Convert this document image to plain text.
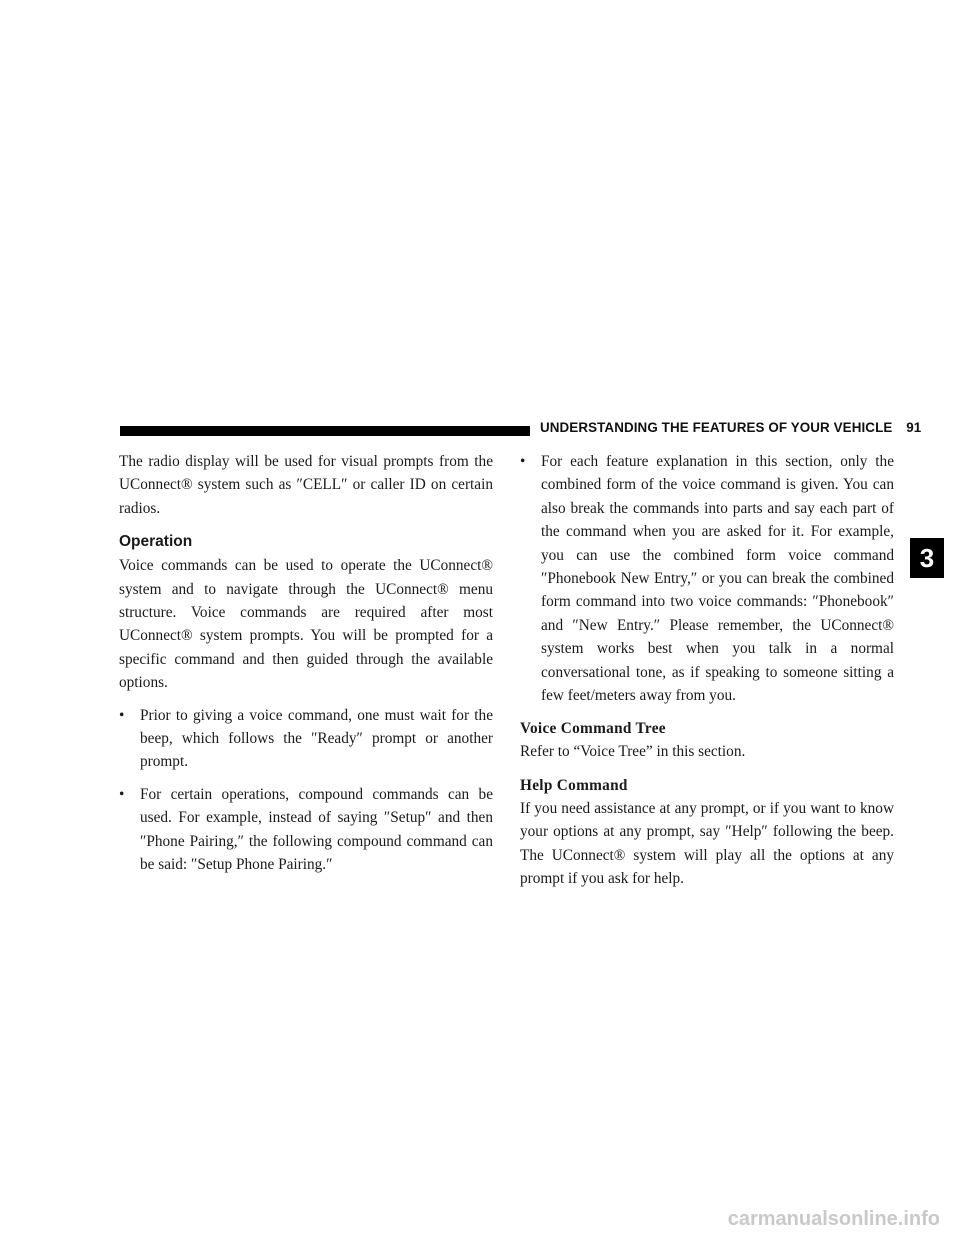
UNDERSTANDING THE FEATURES OF YOUR VEHICLE 91
3

The radio display will be used for visual prompts from the UConnect® system such as ″CELL″ or caller ID on certain radios.

Operation

Voice commands can be used to operate the UConnect® system and to navigate through the UConnect® menu structure. Voice commands are required after most UConnect® system prompts. You will be prompted for a specific command and then guided through the available options.

• Prior to giving a voice command, one must wait for the beep, which follows the ″Ready″ prompt or another prompt.
• For certain operations, compound commands can be used. For example, instead of saying ″Setup″ and then ″Phone Pairing,″ the following compound command can be said: ″Setup Phone Pairing.″
• For each feature explanation in this section, only the combined form of the voice command is given. You can also break the commands into parts and say each part of the command when you are asked for it. For example, you can use the combined form voice command ″Phonebook New Entry,″ or you can break the combined form command into two voice commands: ″Phonebook″ and ″New Entry.″ Please remember, the UConnect® system works best when you talk in a normal conversational tone, as if speaking to someone sitting a few feet/meters away from you.
Voice Command Tree

Refer to “Voice Tree” in this section.

Help Command

If you need assistance at any prompt, or if you want to know your options at any prompt, say ″Help″ following the beep. The UConnect® system will play all the options at any prompt if you ask for help.

carmanualsonline.info
